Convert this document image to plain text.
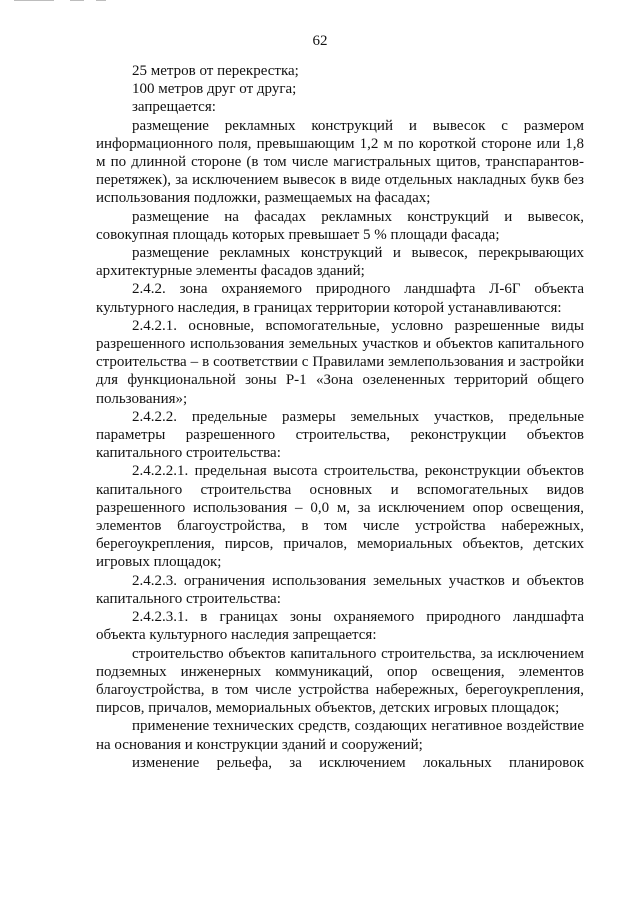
62

25 метров от перекрестка;

100 метров друг от друга;

запрещается:

размещение рекламных конструкций и вывесок с размером информационного поля, превышающим 1,2 м по короткой стороне или 1,8 м по длинной стороне (в том числе магистральных щитов, транспарантов-перетяжек), за исключением вывесок в виде отдельных накладных букв без использования подложки, размещаемых на фасадах;

размещение на фасадах рекламных конструкций и вывесок, совокупная площадь которых превышает 5 % площади фасада;

размещение рекламных конструкций и вывесок, перекрывающих архитектурные элементы фасадов зданий;

2.4.2. зона охраняемого природного ландшафта Л-6Г объекта культурного наследия, в границах территории которой устанавливаются:

2.4.2.1. основные, вспомогательные, условно разрешенные виды разрешенного использования земельных участков и объектов капитального строительства – в соответствии с Правилами землепользования и застройки для функциональной зоны Р-1 «Зона озелененных территорий общего пользования»;

2.4.2.2. предельные размеры земельных участков, предельные параметры разрешенного строительства, реконструкции объектов капитального строительства:

2.4.2.2.1. предельная высота строительства, реконструкции объектов капитального строительства основных и вспомогательных видов разрешенного использования – 0,0 м, за исключением опор освещения, элементов благоустройства, в том числе устройства набережных, берегоукрепления, пирсов, причалов, мемориальных объектов, детских игровых площадок;

2.4.2.3. ограничения использования земельных участков и объектов капитального строительства:

2.4.2.3.1. в границах зоны охраняемого природного ландшафта объекта культурного наследия запрещается:

строительство объектов капитального строительства, за исключением подземных инженерных коммуникаций, опор освещения, элементов благоустройства, в том числе устройства набережных, берегоукрепления, пирсов, причалов, мемориальных объектов, детских игровых площадок;

применение технических средств, создающих негативное воздействие на основания и конструкции зданий и сооружений;

изменение рельефа, за исключением локальных планировок
